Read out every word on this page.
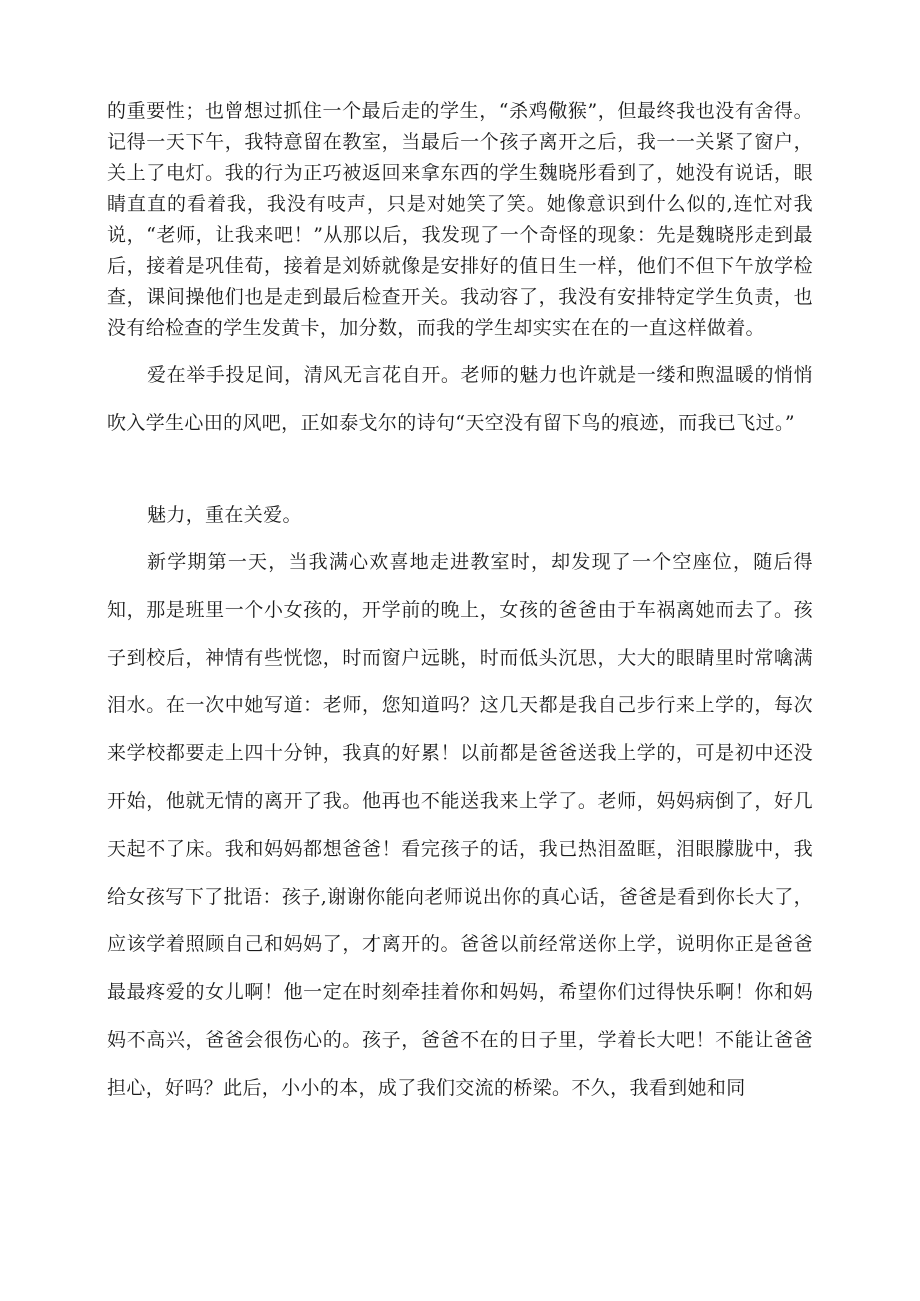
的重要性；也曾想过抓住一个最后走的学生，“杀鸡儆猴”，但最终我也没有舍得。记得一天下午，我特意留在教室，当最后一个孩子离开之后，我一一关紧了窗户，关上了电灯。我的行为正巧被返回来拿东西的学生魏晓彤看到了，她没有说话，眼睛直直的看着我，我没有吱声，只是对她笑了笑。她像意识到什么似的,连忙对我说，“老师，让我来吧！”从那以后，我发现了一个奇怪的现象：先是魏晓彤走到最后，接着是巩佳荀，接着是刘娇就像是安排好的值日生一样，他们不但下午放学检查，课间操他们也是走到最后检查开关。我动容了，我没有安排特定学生负责，也没有给检查的学生发黄卡，加分数，而我的学生却实实在在的一直这样做着。

爱在举手投足间，清风无言花自开。老师的魅力也许就是一缕和煦温暖的悄悄吹入学生心田的风吧，正如泰戈尔的诗句“天空没有留下鸟的痕迹，而我已飞过。”

魅力，重在关爱。

新学期第一天，当我满心欢喜地走进教室时，却发现了一个空座位，随后得知，那是班里一个小女孩的，开学前的晚上，女孩的爸爸由于车祸离她而去了。孩子到校后，神情有些恍惚，时而窗户远眺，时而低头沉思，大大的眼睛里时常噙满泪水。在一次中她写道：老师，您知道吗？这几天都是我自己步行来上学的，每次来学校都要走上四十分钟，我真的好累！以前都是爸爸送我上学的，可是初中还没开始，他就无情的离开了我。他再也不能送我来上学了。老师，妈妈病倒了，好几天起不了床。我和妈妈都想爸爸！看完孩子的话，我已热泪盈眶，泪眼朦胧中，我给女孩写下了批语：孩子,谢谢你能向老师说出你的真心话，爸爸是看到你长大了，应该学着照顾自己和妈妈了，才离开的。爸爸以前经常送你上学，说明你正是爸爸最最疼爱的女儿啊！他一定在时刻牵挂着你和妈妈，希望你们过得快乐啊！你和妈妈不高兴，爸爸会很伤心的。孩子，爸爸不在的日子里，学着长大吧！不能让爸爸担心，好吗？此后，小小的本，成了我们交流的桥梁。不久，我看到她和同
